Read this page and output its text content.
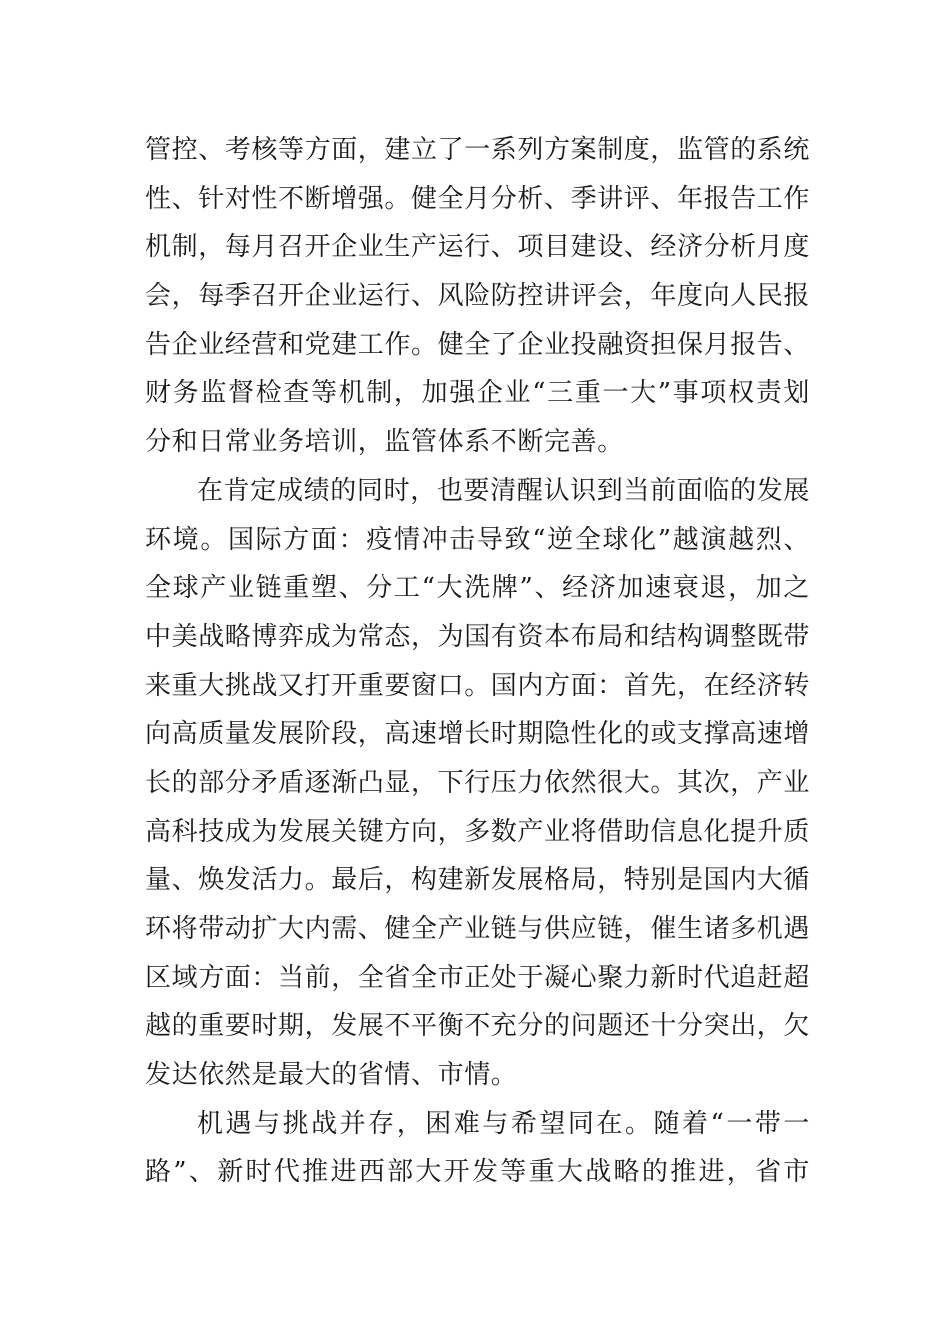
管控、考核等方面，建立了一系列方案制度，监管的系统
性、针对性不断增强。健全月分析、季讲评、年报告工作
机制，每月召开企业生产运行、项目建设、经济分析月度
会，每季召开企业运行、风险防控讲评会，年度向人民报
告企业经营和党建工作。健全了企业投融资担保月报告、
财务监督检查等机制，加强企业“三重一大”事项权责划
分和日常业务培训，监管体系不断完善。
在肯定成绩的同时，也要清醒认识到当前面临的发展
环境。国际方面：疫情冲击导致“逆全球化”越演越烈、
全球产业链重塑、分工“大洗牌”、经济加速衰退，加之
中美战略博弈成为常态，为国有资本布局和结构调整既带
来重大挑战又打开重要窗口。国内方面：首先，在经济转
向高质量发展阶段，高速增长时期隐性化的或支撑高速增
长的部分矛盾逐渐凸显，下行压力依然很大。其次，产业
高科技成为发展关键方向，多数产业将借助信息化提升质
量、焕发活力。最后，构建新发展格局，特别是国内大循
环将带动扩大内需、健全产业链与供应链，催生诸多机遇
区域方面：当前，全省全市正处于凝心聚力新时代追赶超
越的重要时期，发展不平衡不充分的问题还十分突出，欠
发达依然是最大的省情、市情。
机遇与挑战并存，困难与希望同在。随着“一带一
路”、新时代推进西部大开发等重大战略的推进，省市
